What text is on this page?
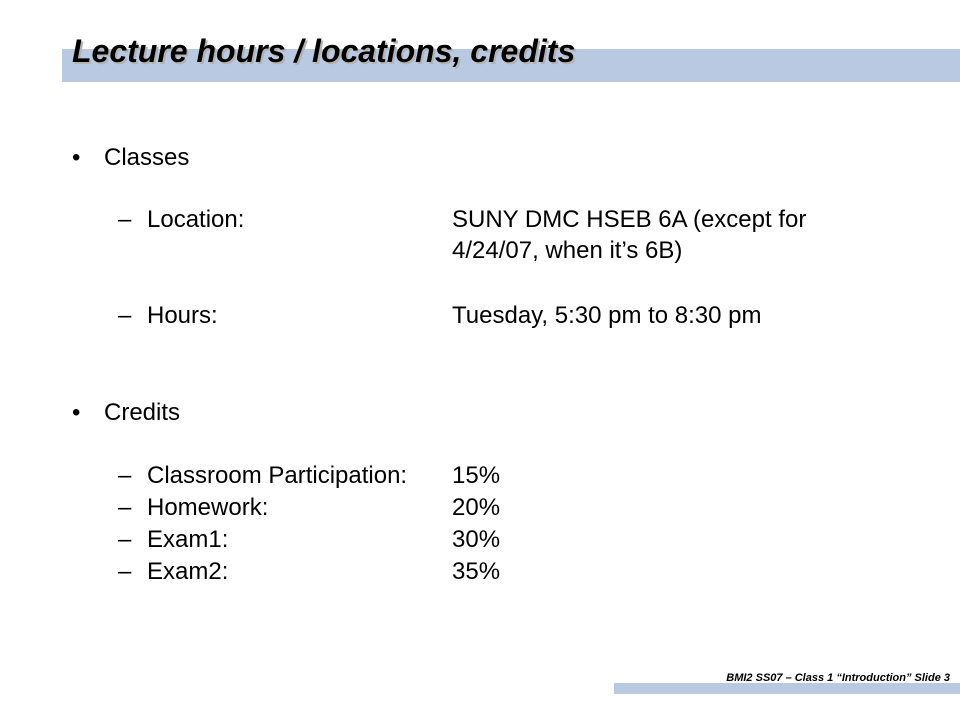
Lecture hours / locations, credits
• Classes
– Location:	SUNY DMC HSEB 6A (except for
4/24/07, when it’s 6B)
– Hours:	Tuesday, 5:30 pm to 8:30 pm
• Credits
– Classroom Participation: 15%
– Homework:	20%
– Exam1:	30%
– Exam2:	35%
BMI2 SS07 – Class 1 “Introduction” Slide 3
